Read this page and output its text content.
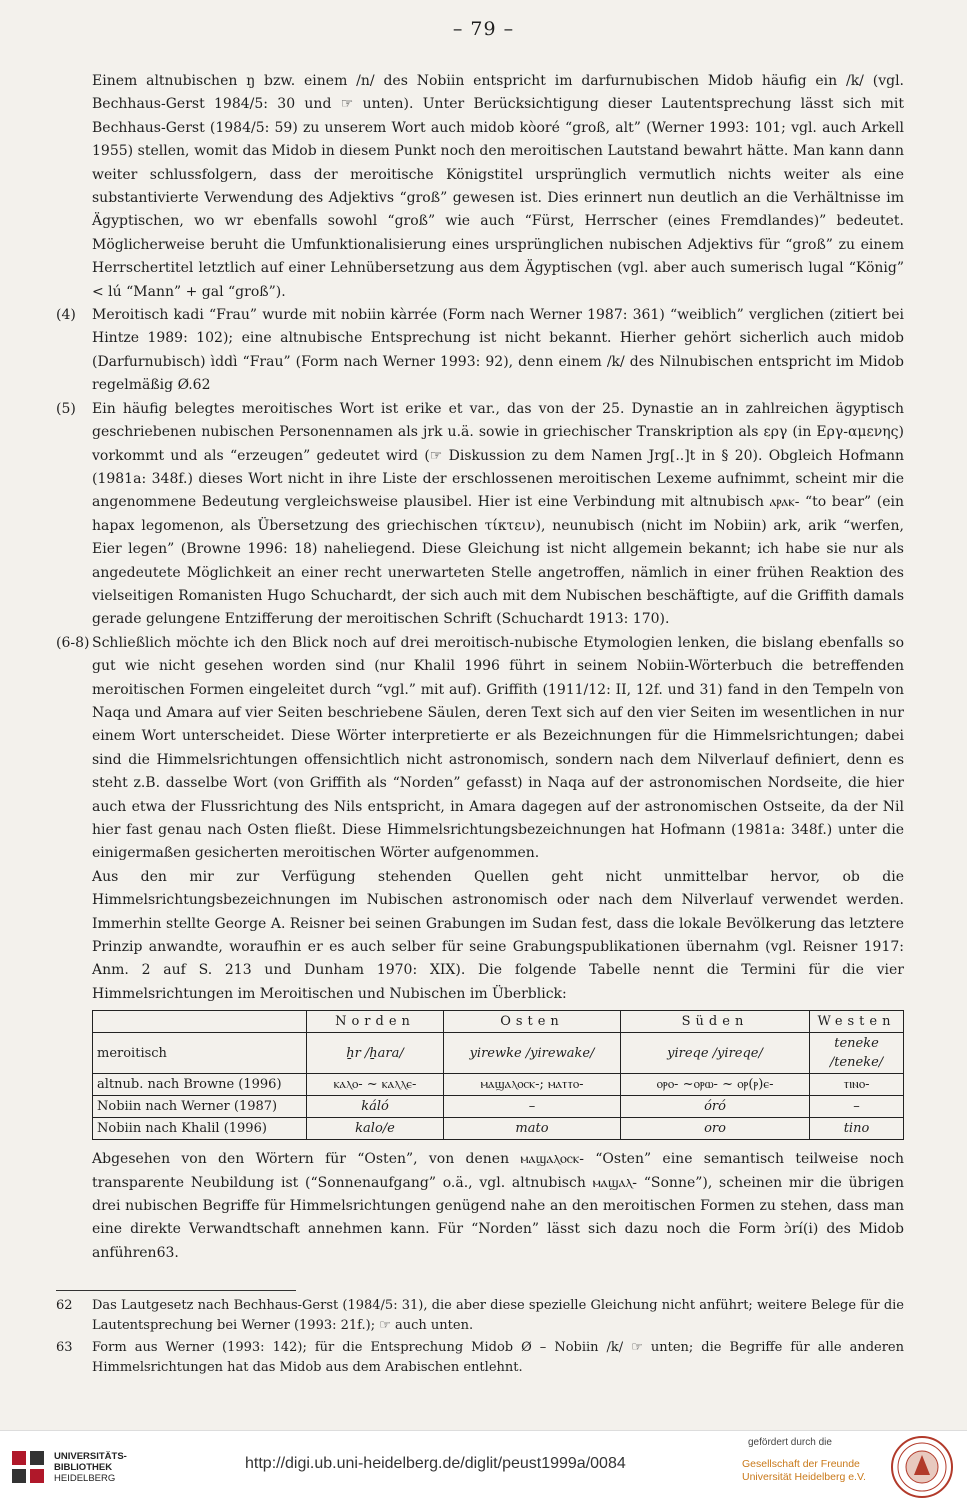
– 79 –

Einem altnubischen ŋ bzw. einem /n/ des Nobiin entspricht im darfurnubischen Midob häufig ein /k/ (vgl. Bechhaus-Gerst 1984/5: 30 und ☞ unten). Unter Berücksichtigung dieser Lautentsprechung lässt sich mit Bechhaus-Gerst (1984/5: 59) zu unserem Wort auch midob kòoré “groß, alt” (Werner 1993: 101; vgl. auch Arkell 1955) stellen, womit das Midob in diesem Punkt noch den meroitischen Lautstand bewahrt hätte. Man kann dann weiter schlussfolgern, dass der meroitische Königstitel ursprünglich vermutlich nichts weiter als eine substantivierte Verwendung des Adjektivs “groß” gewesen ist. Dies erinnert nun deutlich an die Verhältnisse im Ägyptischen, wo wr ebenfalls sowohl “groß” wie auch “Fürst, Herrscher (eines Fremdlandes)” bedeutet. Möglicherweise beruht die Umfunktionalisierung eines ursprünglichen nubischen Adjektivs für “groß” zu einem Herrschertitel letztlich auf einer Lehnübersetzung aus dem Ägyptischen (vgl. aber auch sumerisch lugal “König” < lú “Mann” + gal “groß”).

(4) Meroitisch kadi “Frau” wurde mit nobiin kàrrée (Form nach Werner 1987: 361) “weiblich” verglichen (zitiert bei Hintze 1989: 102); eine altnubische Entsprechung ist nicht bekannt. Hierher gehört sicherlich auch midob (Darfurnubisch) ìddì “Frau” (Form nach Werner 1993: 92), denn einem /k/ des Nilnubischen entspricht im Midob regelmäßig Ø.62
(5) Ein häufig belegtes meroitisches Wort ist erike et var., das von der 25. Dynastie an in zahlreichen ägyptisch geschriebenen nubischen Personennamen als jrk u.ä. sowie in griechischer Transkription als εργ (in Εργ-αμενης) vorkommt und als “erzeugen” gedeutet wird (☞ Diskussion zu dem Namen Jrg[..]t in § 20). Obgleich Hofmann (1981a: 348f.) dieses Wort nicht in ihre Liste der erschlossenen meroitischen Lexeme aufnimmt, scheint mir die angenommene Bedeutung vergleichsweise plausibel. Hier ist eine Verbindung mit altnubisch ⲁⲣⲁⲕ- “to bear” (ein hapax legomenon, als Übersetzung des griechischen τίκτειν), neunubisch (nicht im Nobiin) ark, arik “werfen, Eier legen” (Browne 1996: 18) naheliegend. Diese Gleichung ist nicht allgemein bekannt; ich habe sie nur als angedeutete Möglichkeit an einer recht unerwarteten Stelle angetroffen, nämlich in einer frühen Reaktion des vielseitigen Romanisten Hugo Schuchardt, der sich auch mit dem Nubischen beschäftigte, auf die Griffith damals gerade gelungene Entzifferung der meroitischen Schrift (Schuchardt 1913: 170).
(6-8) Schließlich möchte ich den Blick noch auf drei meroitisch-nubische Etymologien lenken, die bislang ebenfalls so gut wie nicht gesehen worden sind (nur Khalil 1996 führt in seinem Nobiin-Wörterbuch die betreffenden meroitischen Formen eingeleitet durch “vgl.” mit auf). Griffith (1911/12: II, 12f. und 31) fand in den Tempeln von Naqa und Amara auf vier Seiten beschriebene Säulen, deren Text sich auf den vier Seiten im wesentlichen in nur einem Wort unterscheidet. Diese Wörter interpretierte er als Bezeichnungen für die Himmelsrichtungen; dabei sind die Himmelsrichtungen offensichtlich nicht astronomisch, sondern nach dem Nilverlauf definiert, denn es steht z.B. dasselbe Wort (von Griffith als “Norden” gefasst) in Naqa auf der astronomischen Nordseite, die hier auch etwa der Flussrichtung des Nils entspricht, in Amara dagegen auf der astronomischen Ostseite, da der Nil hier fast genau nach Osten fließt. Diese Himmelsrichtungsbezeichnungen hat Hofmann (1981a: 348f.) unter die einigermaßen gesicherten meroitischen Wörter aufgenommen.

Aus den mir zur Verfügung stehenden Quellen geht nicht unmittelbar hervor, ob die Himmelsrichtungsbezeichnungen im Nubischen astronomisch oder nach dem Nilverlauf verwendet werden. Immerhin stellte George A. Reisner bei seinen Grabungen im Sudan fest, dass die lokale Bevölkerung das letztere Prinzip anwandte, woraufhin er es auch selber für seine Grabungspublikationen übernahm (vgl. Reisner 1917: Anm. 2 auf S. 213 und Dunham 1970: XIX). Die folgende Tabelle nennt die Termini für die vier Himmelsrichtungen im Meroitischen und Nubischen im Überblick:

	Norden	Osten	Süden	Westen
meroitisch	ẖr /ẖara/	yirewke /yirewake/	yireqe /yireqe/	teneke /teneke/
altnub. nach Browne (1996)	ⲕⲁⲗⲟ- ~ ⲕⲁⲗⲗⲉ-	ⲙⲁϣⲁⲗⲟⲥⲕ-; ⲙⲁⲧⲧⲟ-	ⲟⲣⲟ- ~ⲟⲣⲱ- ~ ⲟⲣ(ⲣ)ⲉ-	ⲧⲓⲛⲟ-
Nobiin nach Werner (1987)	káló	–	óró	–
Nobiin nach Khalil (1996)	kalo/e	mato	oro	tino

Abgesehen von den Wörtern für “Osten”, von denen ⲙⲁϣⲁⲗⲟⲥⲕ- “Osten” eine semantisch teilweise noch transparente Neubildung ist (“Sonnenaufgang” o.ä., vgl. altnubisch ⲙⲁϣⲁⲗ- “Sonne”), scheinen mir die übrigen drei nubischen Begriffe für Himmelsrichtungen genügend nahe an den meroitischen Formen zu stehen, dass man eine direkte Verwandtschaft annehmen kann. Für “Norden” lässt sich dazu noch die Form ɔ̀rí(i) des Midob anführen63.

62	Das Lautgesetz nach Bechhaus-Gerst (1984/5: 31), die aber diese spezielle Gleichung nicht anführt; weitere Belege für die Lautentsprechung bei Werner (1993: 21f.); ☞ auch unten.
63	Form aus Werner (1993: 142); für die Entsprechung Midob Ø – Nobiin /k/ ☞ unten; die Begriffe für alle anderen Himmelsrichtungen hat das Midob aus dem Arabischen entlehnt.
UNIVERSITÄTS-
BIBLIOTHEK
HEIDELBERG
http://digi.ub.uni-heidelberg.de/diglit/peust1999a/0084
gefördert durch die
Gesellschaft der Freunde
Universität Heidelberg e.V.
